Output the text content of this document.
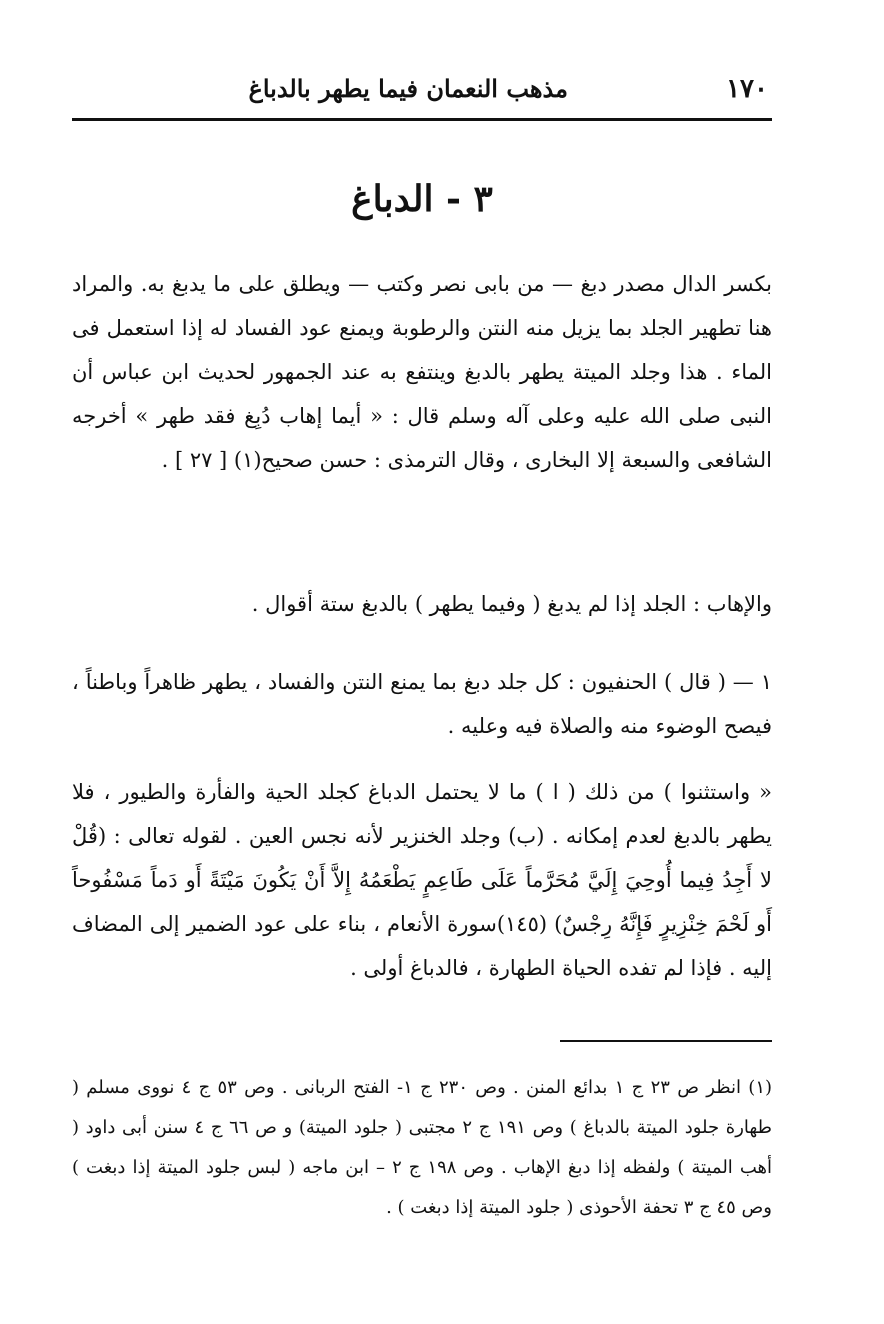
١٧٠
مذهب النعمان فيما يطهر بالدباغ
٣ - الدباغ

بكسر الدال مصدر دبغ — من بابى نصر وكتب — ويطلق على ما يدبغ به. والمراد هنا تطهير الجلد بما يزيل منه النتن والرطوبة ويمنع عود الفساد له إذا استعمل فى الماء . هذا وجلد الميتة يطهر بالدبغ وينتفع به عند الجمهور لحديث ابن عباس أن النبى صلى الله عليه وعلى آله وسلم قال : « أيما إهاب دُبِغ فقد طهر » أخرجه الشافعى والسبعة إلا البخارى ، وقال الترمذى : حسن صحيح(١) [ ٢٧ ] .

والإهاب : الجلد إذا لم يدبغ ( وفيما يطهر ) بالدبغ ستة أقوال .

١ — ( قال ) الحنفيون : كل جلد دبغ بما يمنع النتن والفساد ، يطهر ظاهراً وباطناً ، فيصح الوضوء منه والصلاة فيه وعليه .

« واستثنوا ) من ذلك ( ا ) ما لا يحتمل الدباغ كجلد الحية والفأرة والطيور ، فلا يطهر بالدبغ لعدم إمكانه . (ب) وجلد الخنزير لأنه نجس العين . لقوله تعالى : (قُلْ لا أَجِدُ فِيما أُوحِيَ إِلَيَّ مُحَرَّماً عَلَى طَاعِمٍ يَطْعَمُهُ إِلاَّ أَنْ يَكُونَ مَيْتَةً أَو دَماً مَسْفُوحاً أَو لَحْمَ خِنْزِيرٍ فَإِنَّهُ رِجْسٌ) (١٤٥)سورة الأنعام ، بناء على عود الضمير إلى المضاف إليه . فإذا لم تفده الحياة الطهارة ، فالدباغ أولى .

(١) انظر ص ٢٣ ج ١ بدائع المنن . وص ٢٣٠ ج ١- الفتح الربانى . وص ٥٣ ج ٤ نووى مسلم ( طهارة جلود الميتة بالدباغ ) وص ١٩١ ج ٢ مجتبى ( جلود الميتة) و ص ٦٦ ج ٤ سنن أبى داود ( أهب الميتة ) ولفظه إذا دبغ الإهاب . وص ١٩٨ ج ٢ – ابن ماجه ( لبس جلود الميتة إذا دبغت ) وص ٤٥ ج ٣ تحفة الأحوذى ( جلود الميتة إذا دبغت ) .
